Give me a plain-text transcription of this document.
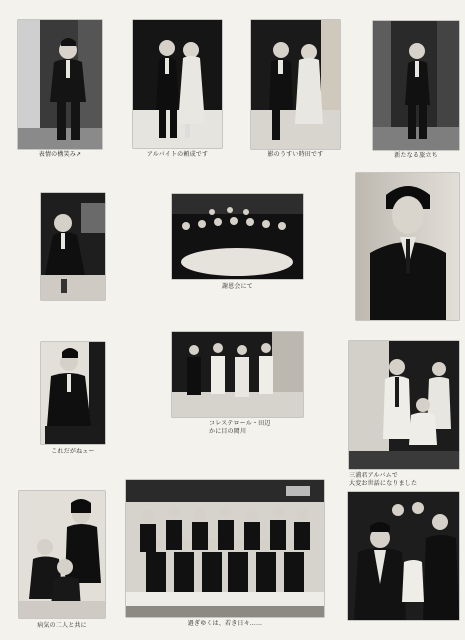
表情の構笑み↗	アルバイトの頼成です	影のうすい時田です	新たなる旅立ち
謝恩会にて
これだがねェー
コレステロール・田辺
かに目の岡川
三浦君アルバムで
大変お世話になりました
病気の二人と共に	過ぎゆくは、若き日々……
